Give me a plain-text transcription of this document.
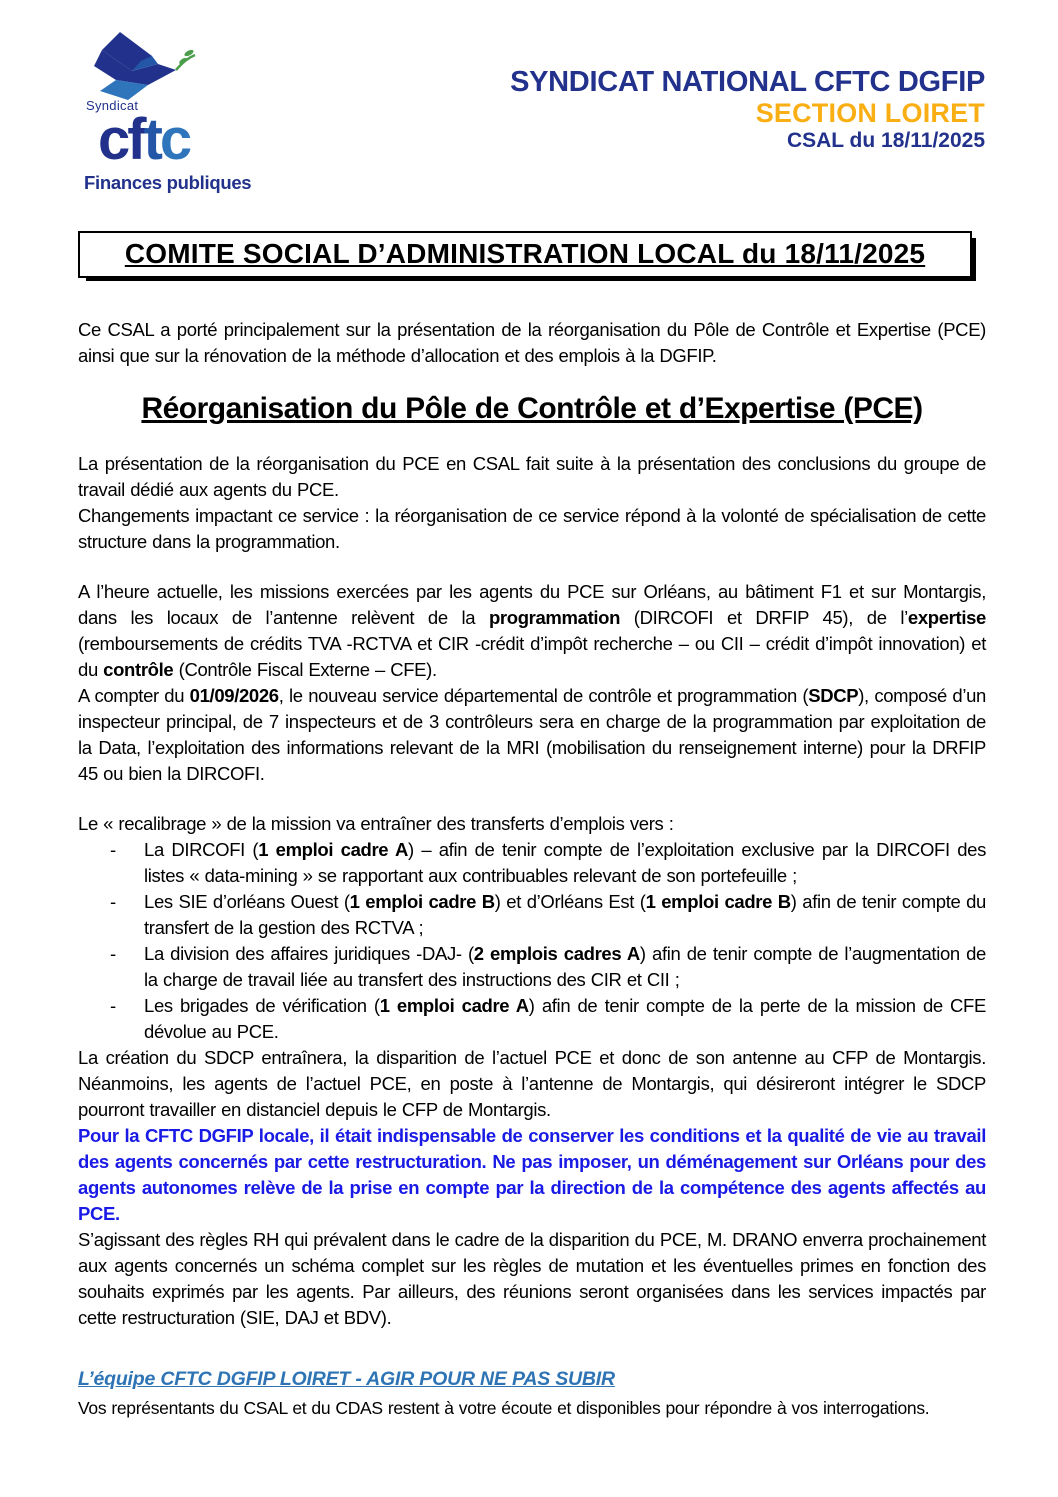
Syndicat
cftc
Finances publiques
SYNDICAT NATIONAL CFTC DGFIP
SECTION LOIRET
CSAL du 18/11/2025
COMITE SOCIAL D’ADMINISTRATION LOCAL du 18/11/2025

Ce CSAL a porté principalement sur la présentation de la réorganisation du Pôle de Contrôle et Expertise (PCE) ainsi que sur la rénovation de la méthode d’allocation et des emplois à la DGFIP.

Réorganisation du Pôle de Contrôle et d’Expertise (PCE)

La présentation de la réorganisation du PCE en CSAL fait suite à la présentation des conclusions du groupe de travail dédié aux agents du PCE.

Changements impactant ce service : la réorganisation de ce service répond à la volonté de spécialisation de cette structure dans la programmation.

A l’heure actuelle, les missions exercées par les agents du PCE sur Orléans, au bâtiment F1 et sur Montargis, dans les locaux de l’antenne relèvent de la programmation (DIRCOFI et DRFIP 45), de l’expertise (remboursements de crédits TVA -RCTVA et CIR -crédit d’impôt recherche – ou CII – crédit d’impôt innovation) et du contrôle (Contrôle Fiscal Externe – CFE).

A compter du 01/09/2026, le nouveau service départemental de contrôle et programmation (SDCP), composé d’un inspecteur principal, de 7 inspecteurs et de 3 contrôleurs sera en charge de la programmation par exploitation de la Data, l’exploitation des informations relevant de la MRI (mobilisation du renseignement interne) pour la DRFIP 45 ou bien la DIRCOFI.

Le « recalibrage » de la mission va entraîner des transferts d’emplois vers :

-	La DIRCOFI (1 emploi cadre A) – afin de tenir compte de l’exploitation exclusive par la DIRCOFI des listes « data-mining » se rapportant aux contribuables relevant de son portefeuille ;
-	Les SIE d’orléans Ouest (1 emploi cadre B) et d’Orléans Est (1 emploi cadre B) afin de tenir compte du transfert de la gestion des RCTVA ;
-	La division des affaires juridiques -DAJ- (2 emplois cadres A) afin de tenir compte de l’augmentation de la charge de travail liée au transfert des instructions des CIR et CII ;
-	Les brigades de vérification (1 emploi cadre A) afin de tenir compte de la perte de la mission de CFE dévolue au PCE.

La création du SDCP entraînera, la disparition de l’actuel PCE et donc de son antenne au CFP de Montargis. Néanmoins, les agents de l’actuel PCE, en poste à l’antenne de Montargis, qui désireront intégrer le SDCP pourront travailler en distanciel depuis le CFP de Montargis.

Pour la CFTC DGFIP locale, il était indispensable de conserver les conditions et la qualité de vie au travail des agents concernés par cette restructuration. Ne pas imposer, un déménagement sur Orléans pour des agents autonomes relève de la prise en compte par la direction de la compétence des agents affectés au PCE.

S’agissant des règles RH qui prévalent dans le cadre de la disparition du PCE, M. DRANO enverra prochainement aux agents concernés un schéma complet sur les règles de mutation et les éventuelles primes en fonction des souhaits exprimés par les agents. Par ailleurs, des réunions seront organisées dans les services impactés par cette restructuration (SIE, DAJ et BDV).

L’équipe CFTC DGFIP LOIRET - AGIR POUR NE PAS SUBIR
Vos représentants du CSAL et du CDAS restent à votre écoute et disponibles pour répondre à vos interrogations.
